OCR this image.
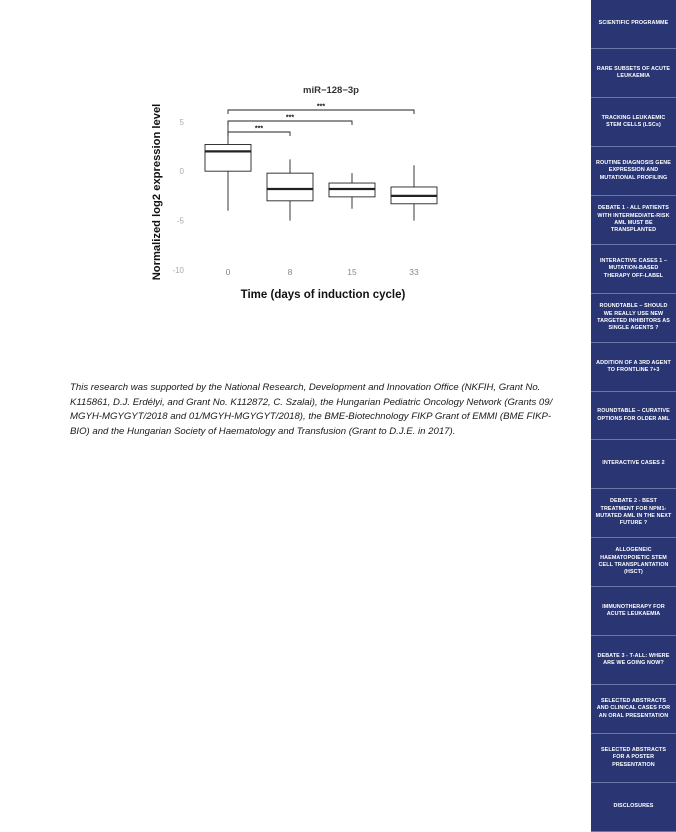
miR−128−3p
***
***
***
5
0
-5
-10	0	8	15	33
Normalized log2 expression level
Time (days of induction cycle)

This research was supported by the National Research, Development and Innovation Office (NKFIH, Grant No. K115861, D.J. Erdélyi, and Grant No. K112872, C. Szalai), the Hungarian Pediatric Oncology Network (Grants 09/

MGYH-MGYGYT/2018 and 01/MGYH-MGYGYT/2018), the BME-Biotechnology FIKP Grant of EMMI (BME FIKP-BIO) and the Hungarian Society of Haematology and Transfusion (Grant to D.J.E. in 2017).

SCIENTIFIC PROGRAMME
RARE SUBSETS OF ACUTE LEUKAEMIA
TRACKING LEUKAEMIC STEM CELLS (LSCs)
ROUTINE DIAGNOSIS GENE EXPRESSION AND MUTATIONAL PROFILING
DEBATE 1 - ALL PATIENTS WITH INTERMEDIATE-RISK AML MUST BE TRANSPLANTED
INTERACTIVE CASES 1 – MUTATION-BASED THERAPY OFF-LABEL
ROUNDTABLE – SHOULD WE REALLY USE NEW TARGETED INHIBITORS AS SINGLE AGENTS ?
ADDITION OF A 3RD AGENT TO FRONTLINE 7+3
ROUNDTABLE – CURATIVE OPTIONS FOR OLDER AML
INTERACTIVE CASES 2
DEBATE 2 - BEST TREATMENT FOR NPM1-MUTATED AML IN THE NEXT FUTURE ?
ALLOGENEIC HAEMATOPOIETIC STEM CELL TRANSPLANTATION (HSCT)
IMMUNOTHERAPY FOR ACUTE LEUKAEMIA
DEBATE 3 - T-ALL: WHERE ARE WE GOING NOW?
SELECTED ABSTRACTS AND CLINICAL CASES FOR AN ORAL PRESENTATION
SELECTED ABSTRACTS FOR A POSTER PRESENTATION
DISCLOSURES
